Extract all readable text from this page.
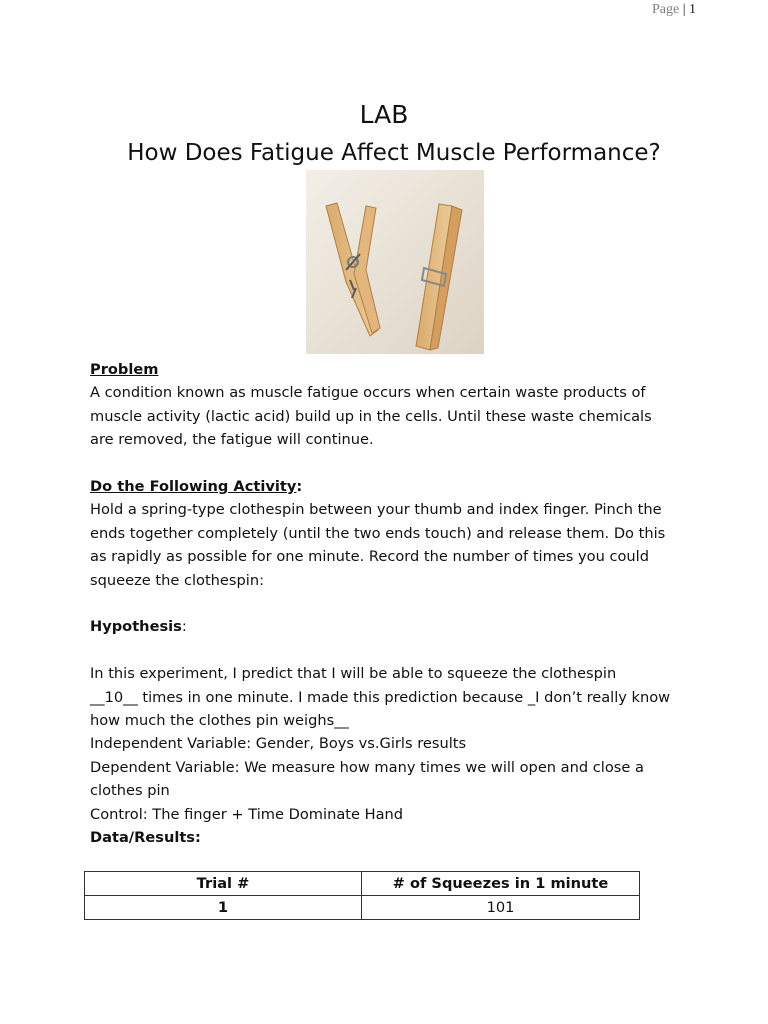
Page | 1
LAB
How Does Fatigue Affect Muscle Performance?

Problem

A condition known as muscle fatigue occurs when certain waste products of

muscle activity (lactic acid) build up in the cells. Until these waste chemicals

are removed, the fatigue will continue.

Do the Following Activity:

Hold a spring-type clothespin between your thumb and index finger. Pinch the

ends together completely (until the two ends touch) and release them. Do this

as rapidly as possible for one minute. Record the number of times you could

squeeze the clothespin:

Hypothesis:

In this experiment, I predict that I will be able to squeeze the clothespin

__10__ times in one minute. I made this prediction because _I don’t really know

how much the clothes pin weighs__

Independent Variable: Gender, Boys vs.Girls results

Dependent Variable: We measure how many times we will open and close a

clothes pin

Control: The finger + Time Dominate Hand

Data/Results:

Trial #	# of Squeezes in 1 minute
1	101
